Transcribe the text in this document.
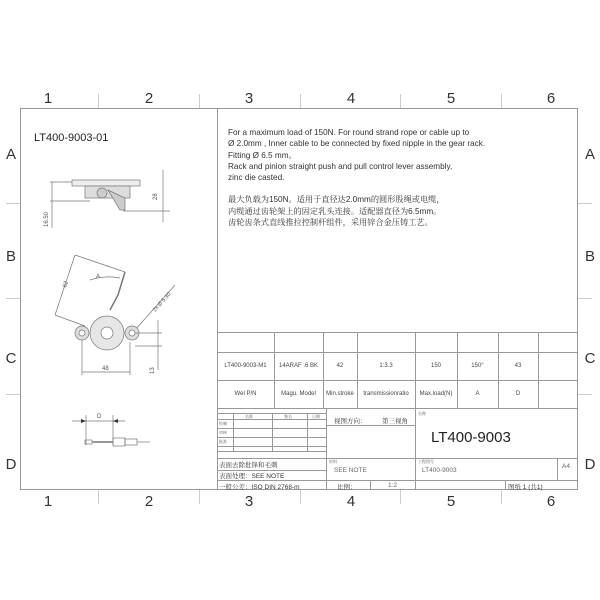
1	2	3	4	5	6
1	2	3	4	5	6
A
B
C
D
A
B
C
D
LT400-9003-01	For a maximum load of 150N. For round strand rope or cable up to

Ø 2.0mm , Inner cable to be connected by fixed nipple in the gear rack.

Fitting Ø 6.5 mm。

Rack and pinion straight push and pull control lever assembly,

zinc die casted.

最大负载为150N。适用于直径达2.0mm的圆形股绳或电缆，

内缆通过齿轮架上的固定乳头连接。适配器直径为6.5mm。

齿轮齿条式直线推拉控制杆组件，采用锌合金压铸工艺。

16.50
28
62
A
2x Ø 5.30
48	13
D
LT400-9003-M1	14ARAF .6 BK	42	1:3.3	150	150°	43
Wel P/N	Magu. Model	Min.stroke	transmissionratio	Max.load(N)	A	D
名称	签名	日期
绘制
审核
批准
视图方向： 第三视角
名称
LT400-9003
表面去除批锋和毛刺
表面处理：SEE NOTE
一般公差：ISO DIN 2768-m
材料
SEE NOTE
工程图号
LT400-9003
A4
比例：	1:2	图纸 1 (共1)
